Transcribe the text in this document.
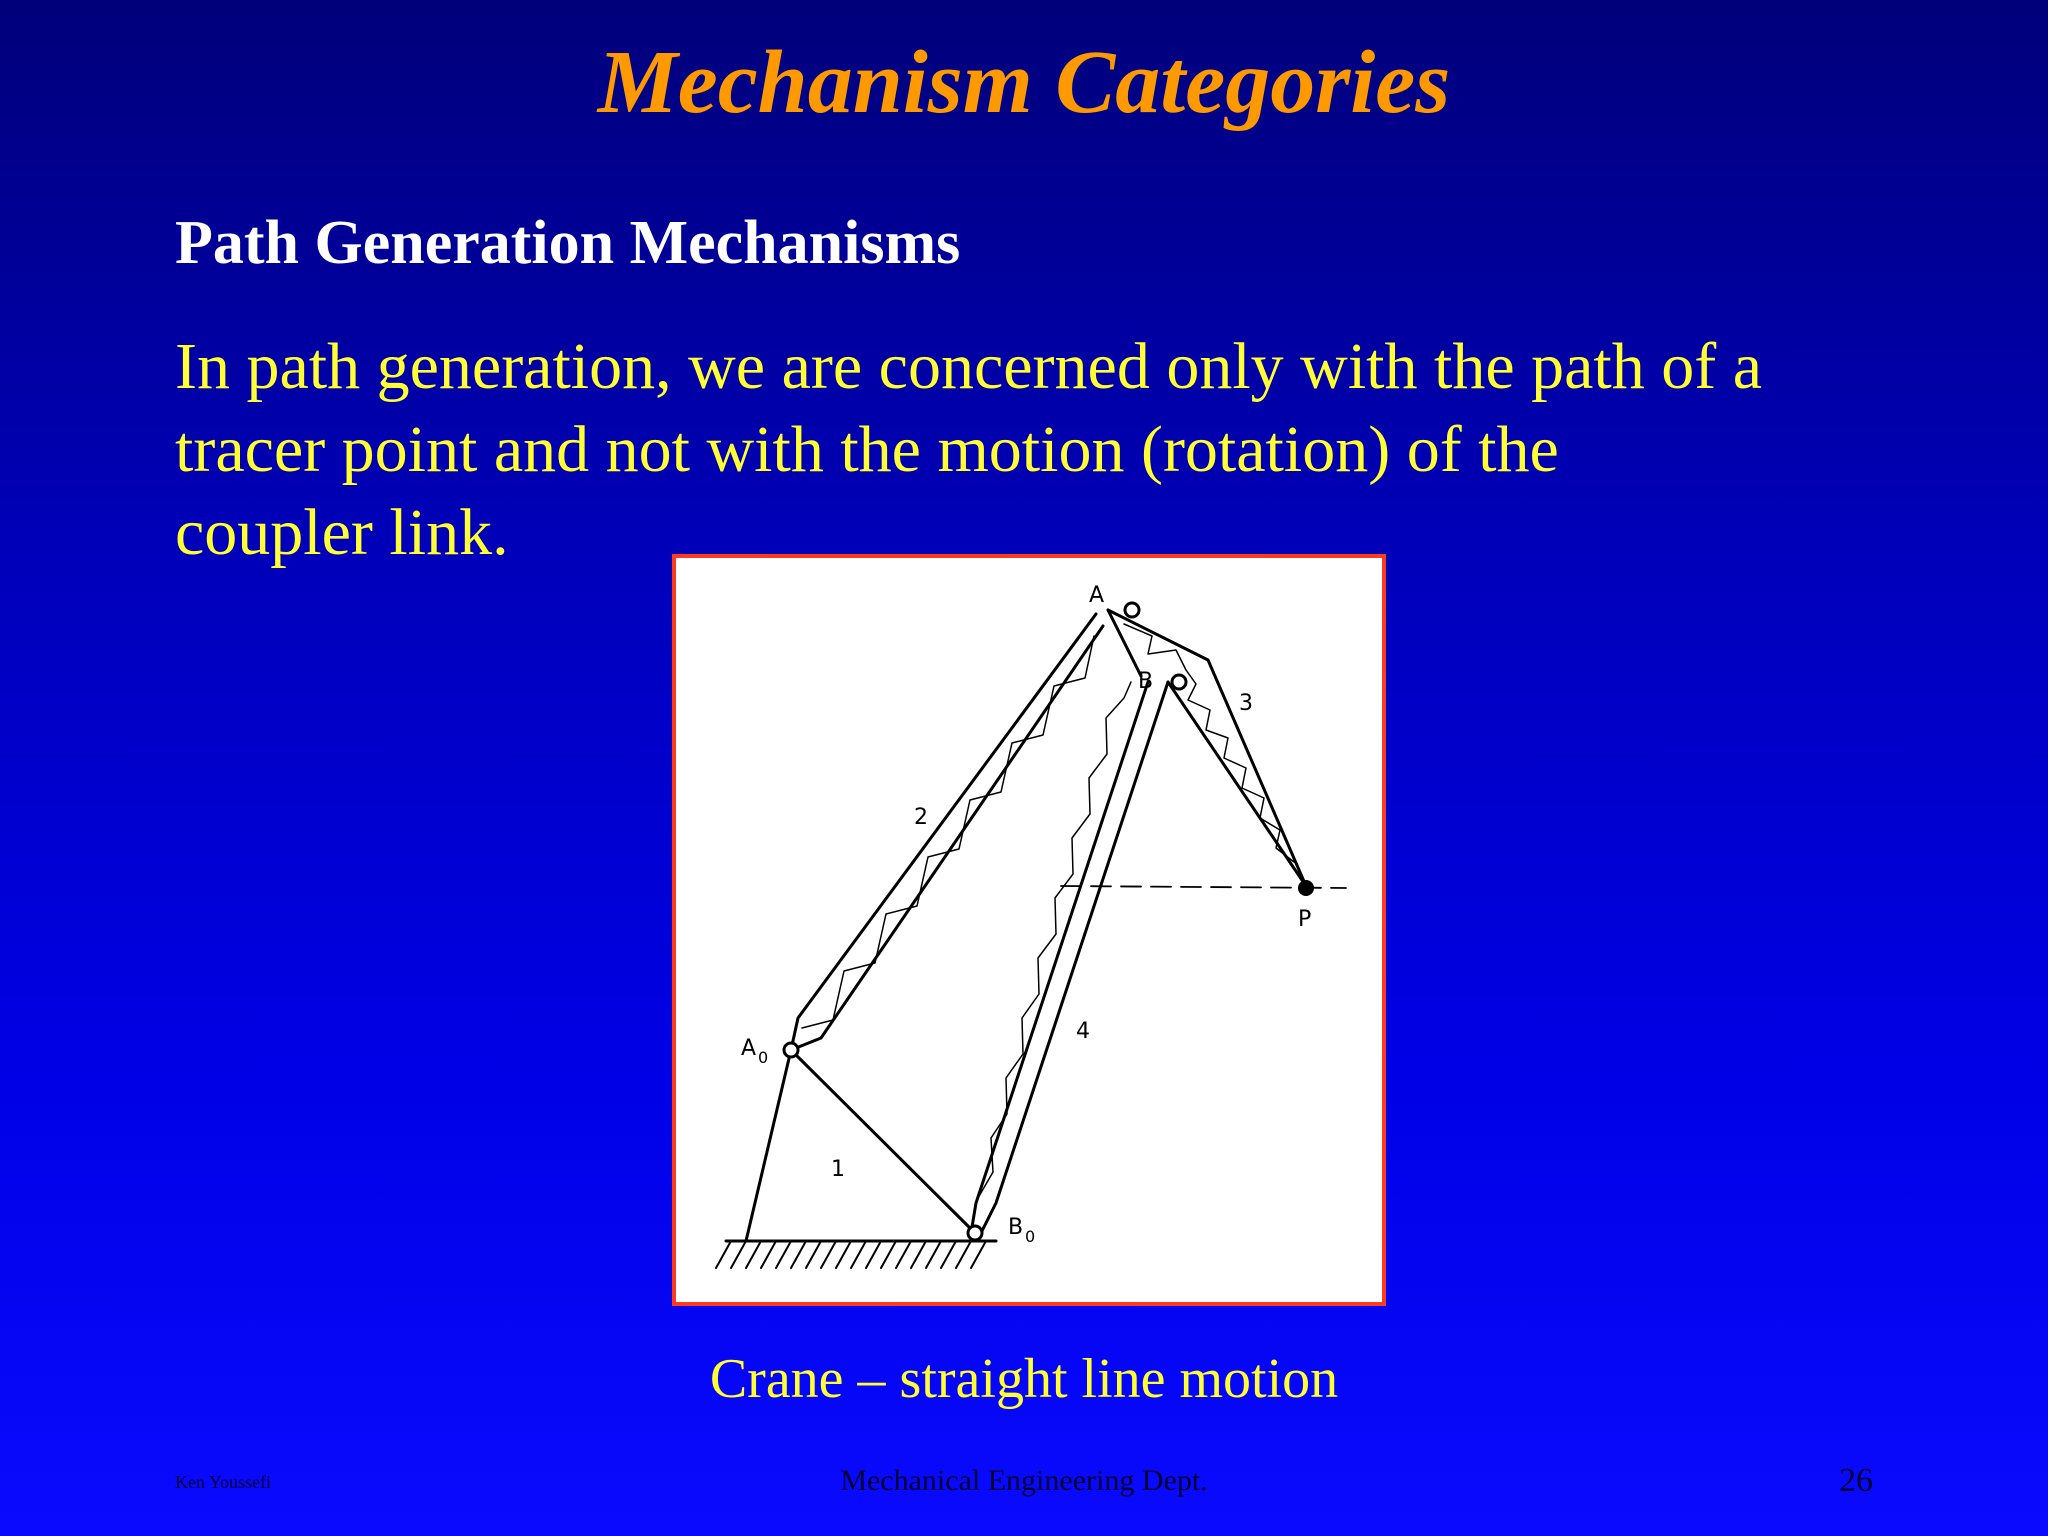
Mechanism Categories
Path Generation Mechanisms
In path generation, we are concerned only with the path of a
tracer point and not with the motion (rotation) of the
coupler link.
A
B
3
2
P
A 0
4
1
B 0
Crane – straight line motion
Ken Youssefi	Mechanical Engineering Dept.	26
